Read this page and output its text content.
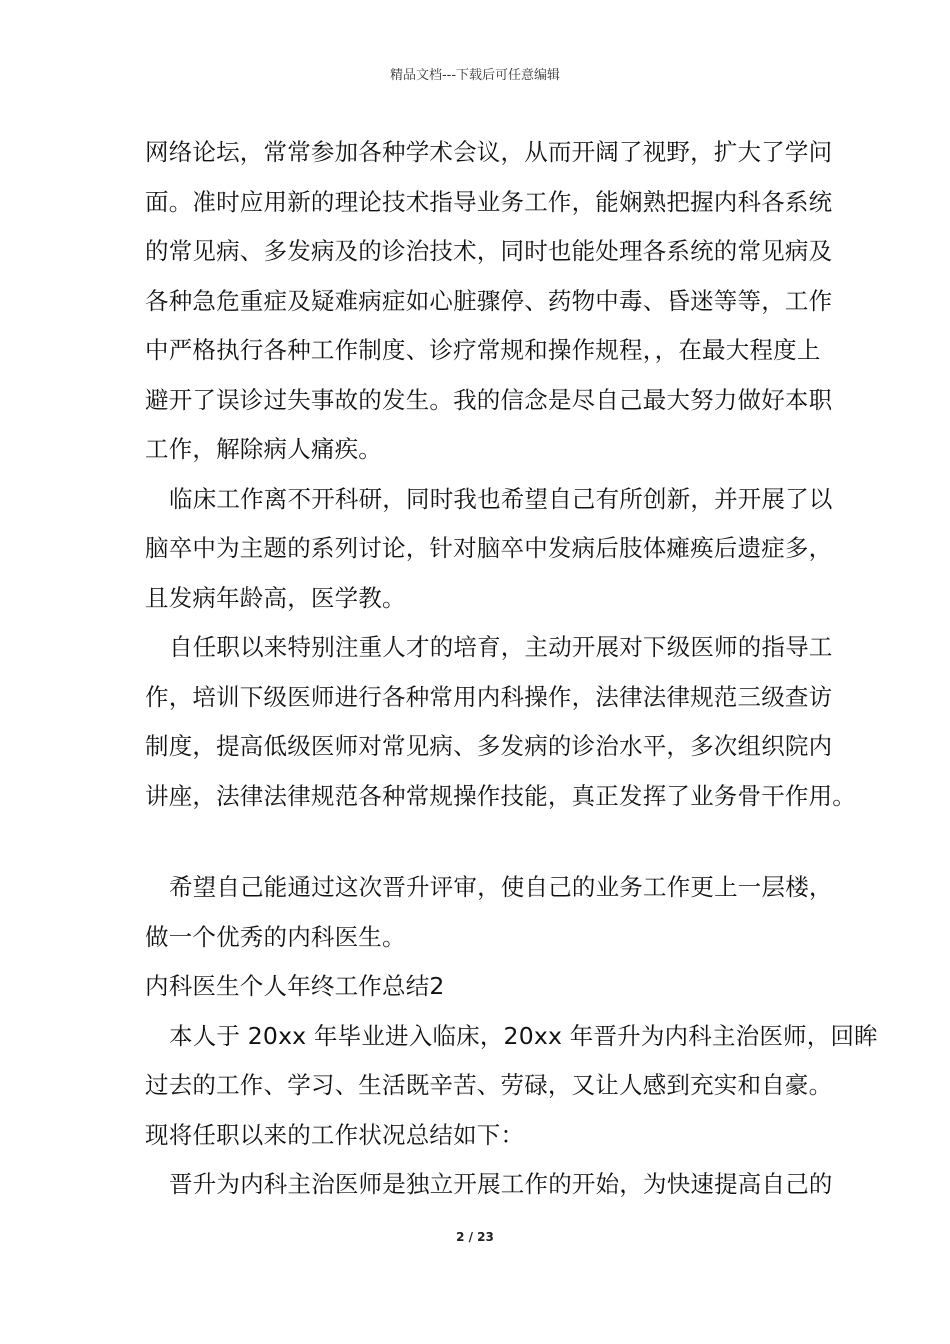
精品文档---下载后可任意编辑
网络论坛，常常参加各种学术会议，从而开阔了视野，扩大了学问
面。准时应用新的理论技术指导业务工作，能娴熟把握内科各系统
的常见病、多发病及的诊治技术，同时也能处理各系统的常见病及
各种急危重症及疑难病症如心脏骤停、药物中毒、昏迷等等，工作
中严格执行各种工作制度、诊疗常规和操作规程，，在最大程度上
避开了误诊过失事故的发生。我的信念是尽自己最大努力做好本职
工作，解除病人痛疾。
临床工作离不开科研，同时我也希望自己有所创新，并开展了以
脑卒中为主题的系列讨论，针对脑卒中发病后肢体瘫痪后遗症多，
且发病年龄高，医学教。
自任职以来特别注重人才的培育，主动开展对下级医师的指导工
作，培训下级医师进行各种常用内科操作，法律法律规范三级查访
制度，提高低级医师对常见病、多发病的诊治水平，多次组织院内
讲座，法律法律规范各种常规操作技能，真正发挥了业务骨干作用。
希望自己能通过这次晋升评审，使自己的业务工作更上一层楼，
做一个优秀的内科医生。
内科医生个人年终工作总结2
本人于 20xx 年毕业进入临床，20xx 年晋升为内科主治医师，回眸
过去的工作、学习、生活既辛苦、劳碌，又让人感到充实和自豪。
现将任职以来的工作状况总结如下：
晋升为内科主治医师是独立开展工作的开始，为快速提高自己的
2 / 23
